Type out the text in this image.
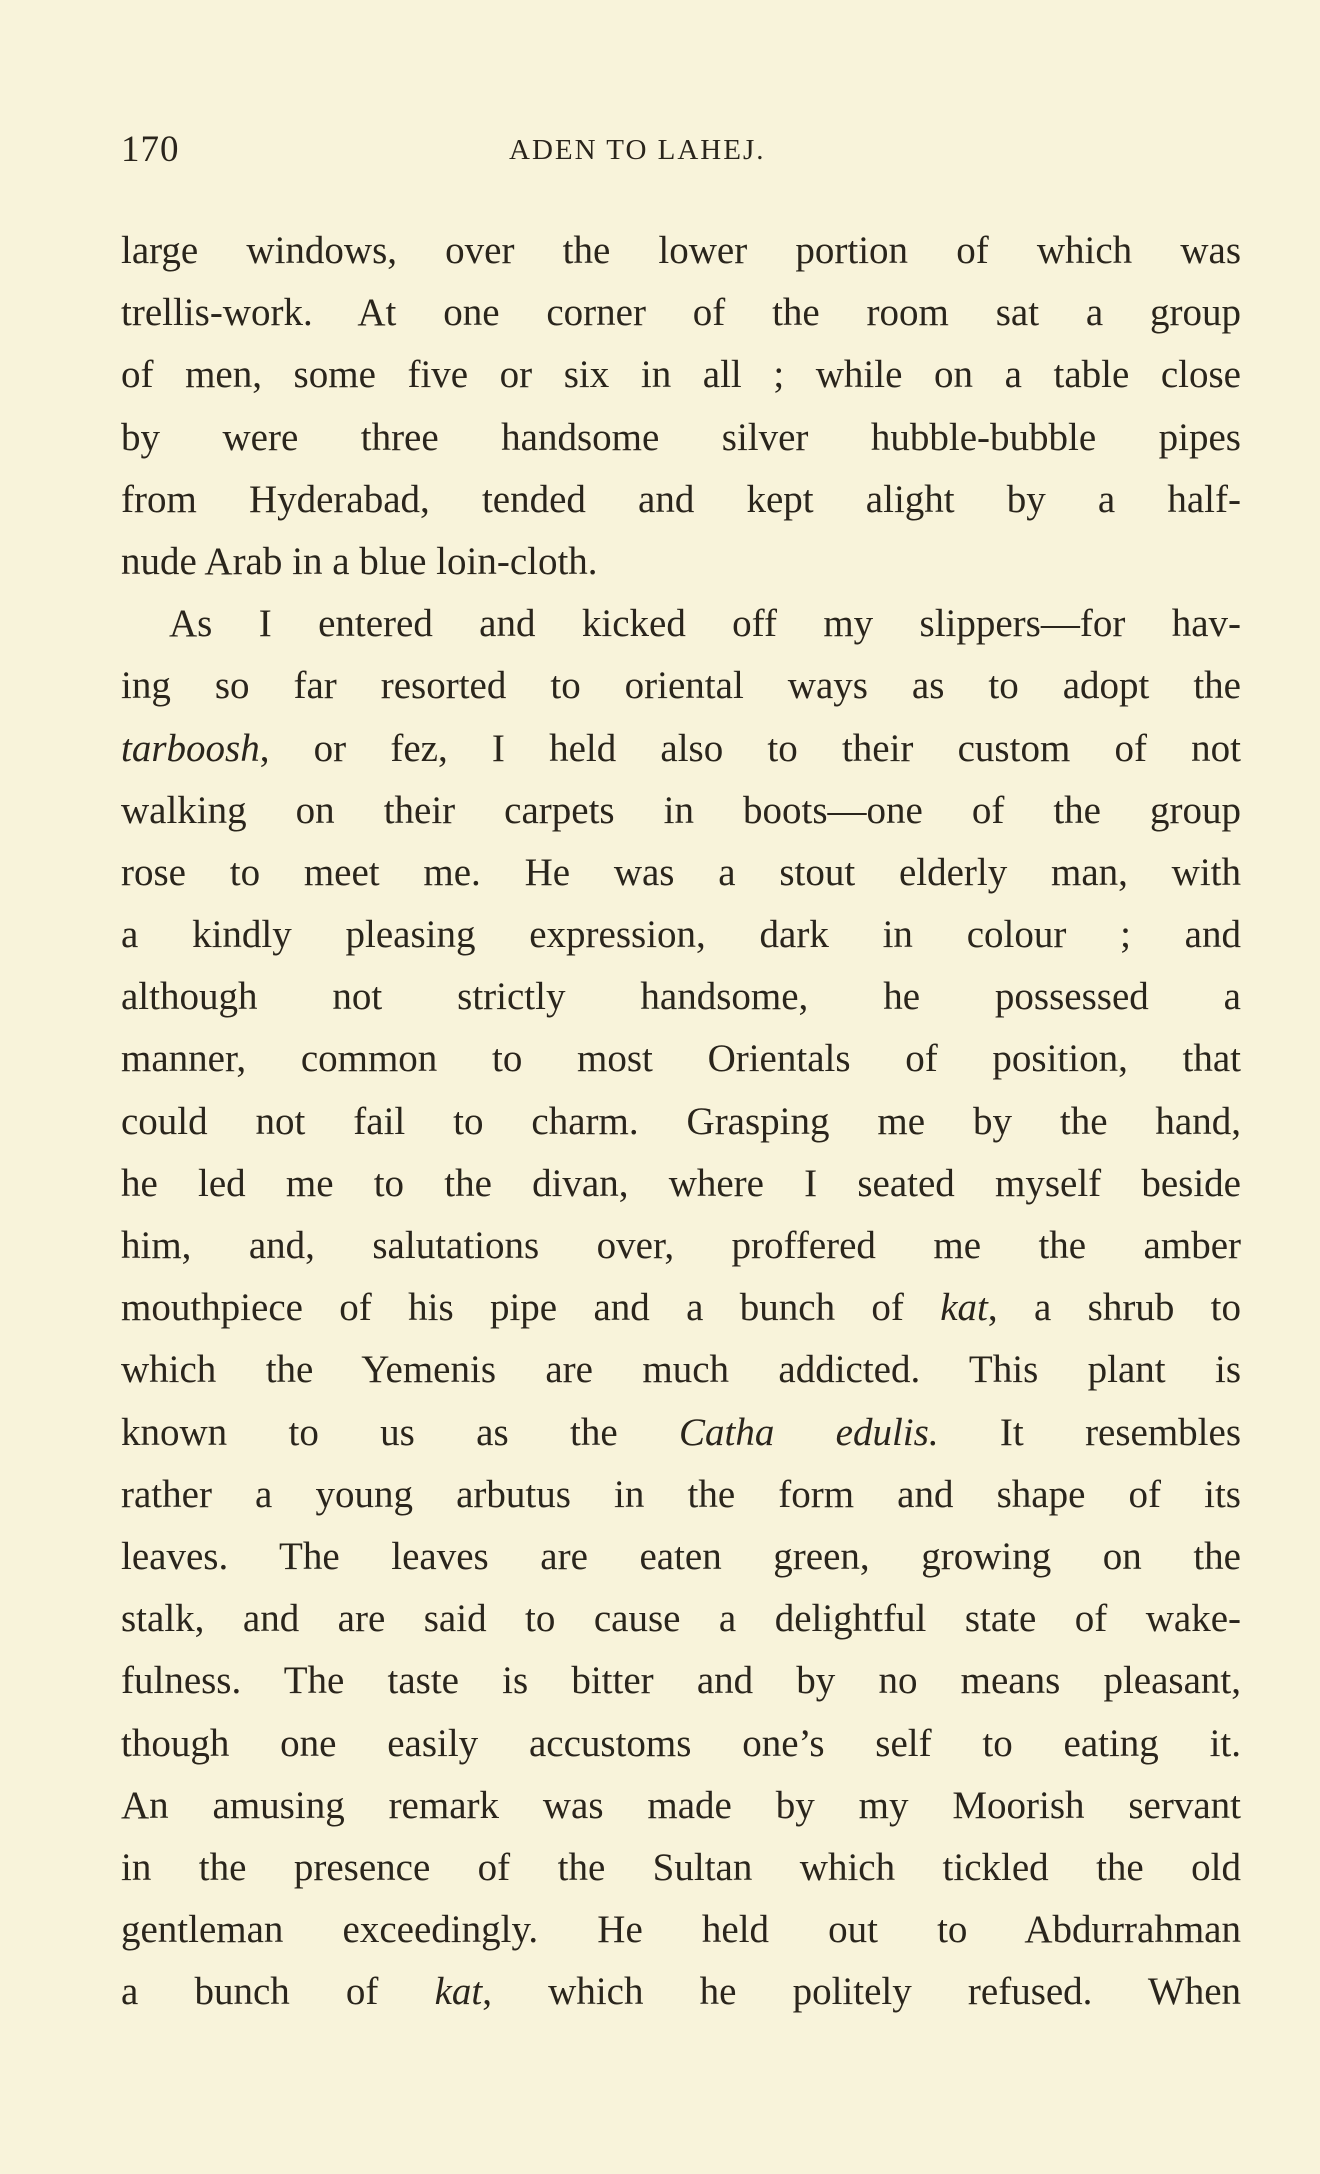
170	ADEN TO LAHEJ.
large windows, over the lower portion of which was
trellis-work. At one corner of the room sat a group
of men, some five or six in all ; while on a table close
by were three handsome silver hubble-bubble pipes
from Hyderabad, tended and kept alight by a half-
nude Arab in a blue loin-cloth.
As I entered and kicked off my slippers—for hav-
ing so far resorted to oriental ways as to adopt the
tarboosh, or fez, I held also to their custom of not
walking on their carpets in boots—one of the group
rose to meet me. He was a stout elderly man, with
a kindly pleasing expression, dark in colour ; and
although not strictly handsome, he possessed a
manner, common to most Orientals of position, that
could not fail to charm. Grasping me by the hand,
he led me to the divan, where I seated myself beside
him, and, salutations over, proffered me the amber
mouthpiece of his pipe and a bunch of kat, a shrub to
which the Yemenis are much addicted. This plant is
known to us as the Catha edulis. It resembles
rather a young arbutus in the form and shape of its
leaves. The leaves are eaten green, growing on the
stalk, and are said to cause a delightful state of wake-
fulness. The taste is bitter and by no means pleasant,
though one easily accustoms one’s self to eating it.
An amusing remark was made by my Moorish servant
in the presence of the Sultan which tickled the old
gentleman exceedingly. He held out to Abdurrahman
a bunch of kat, which he politely refused. When
